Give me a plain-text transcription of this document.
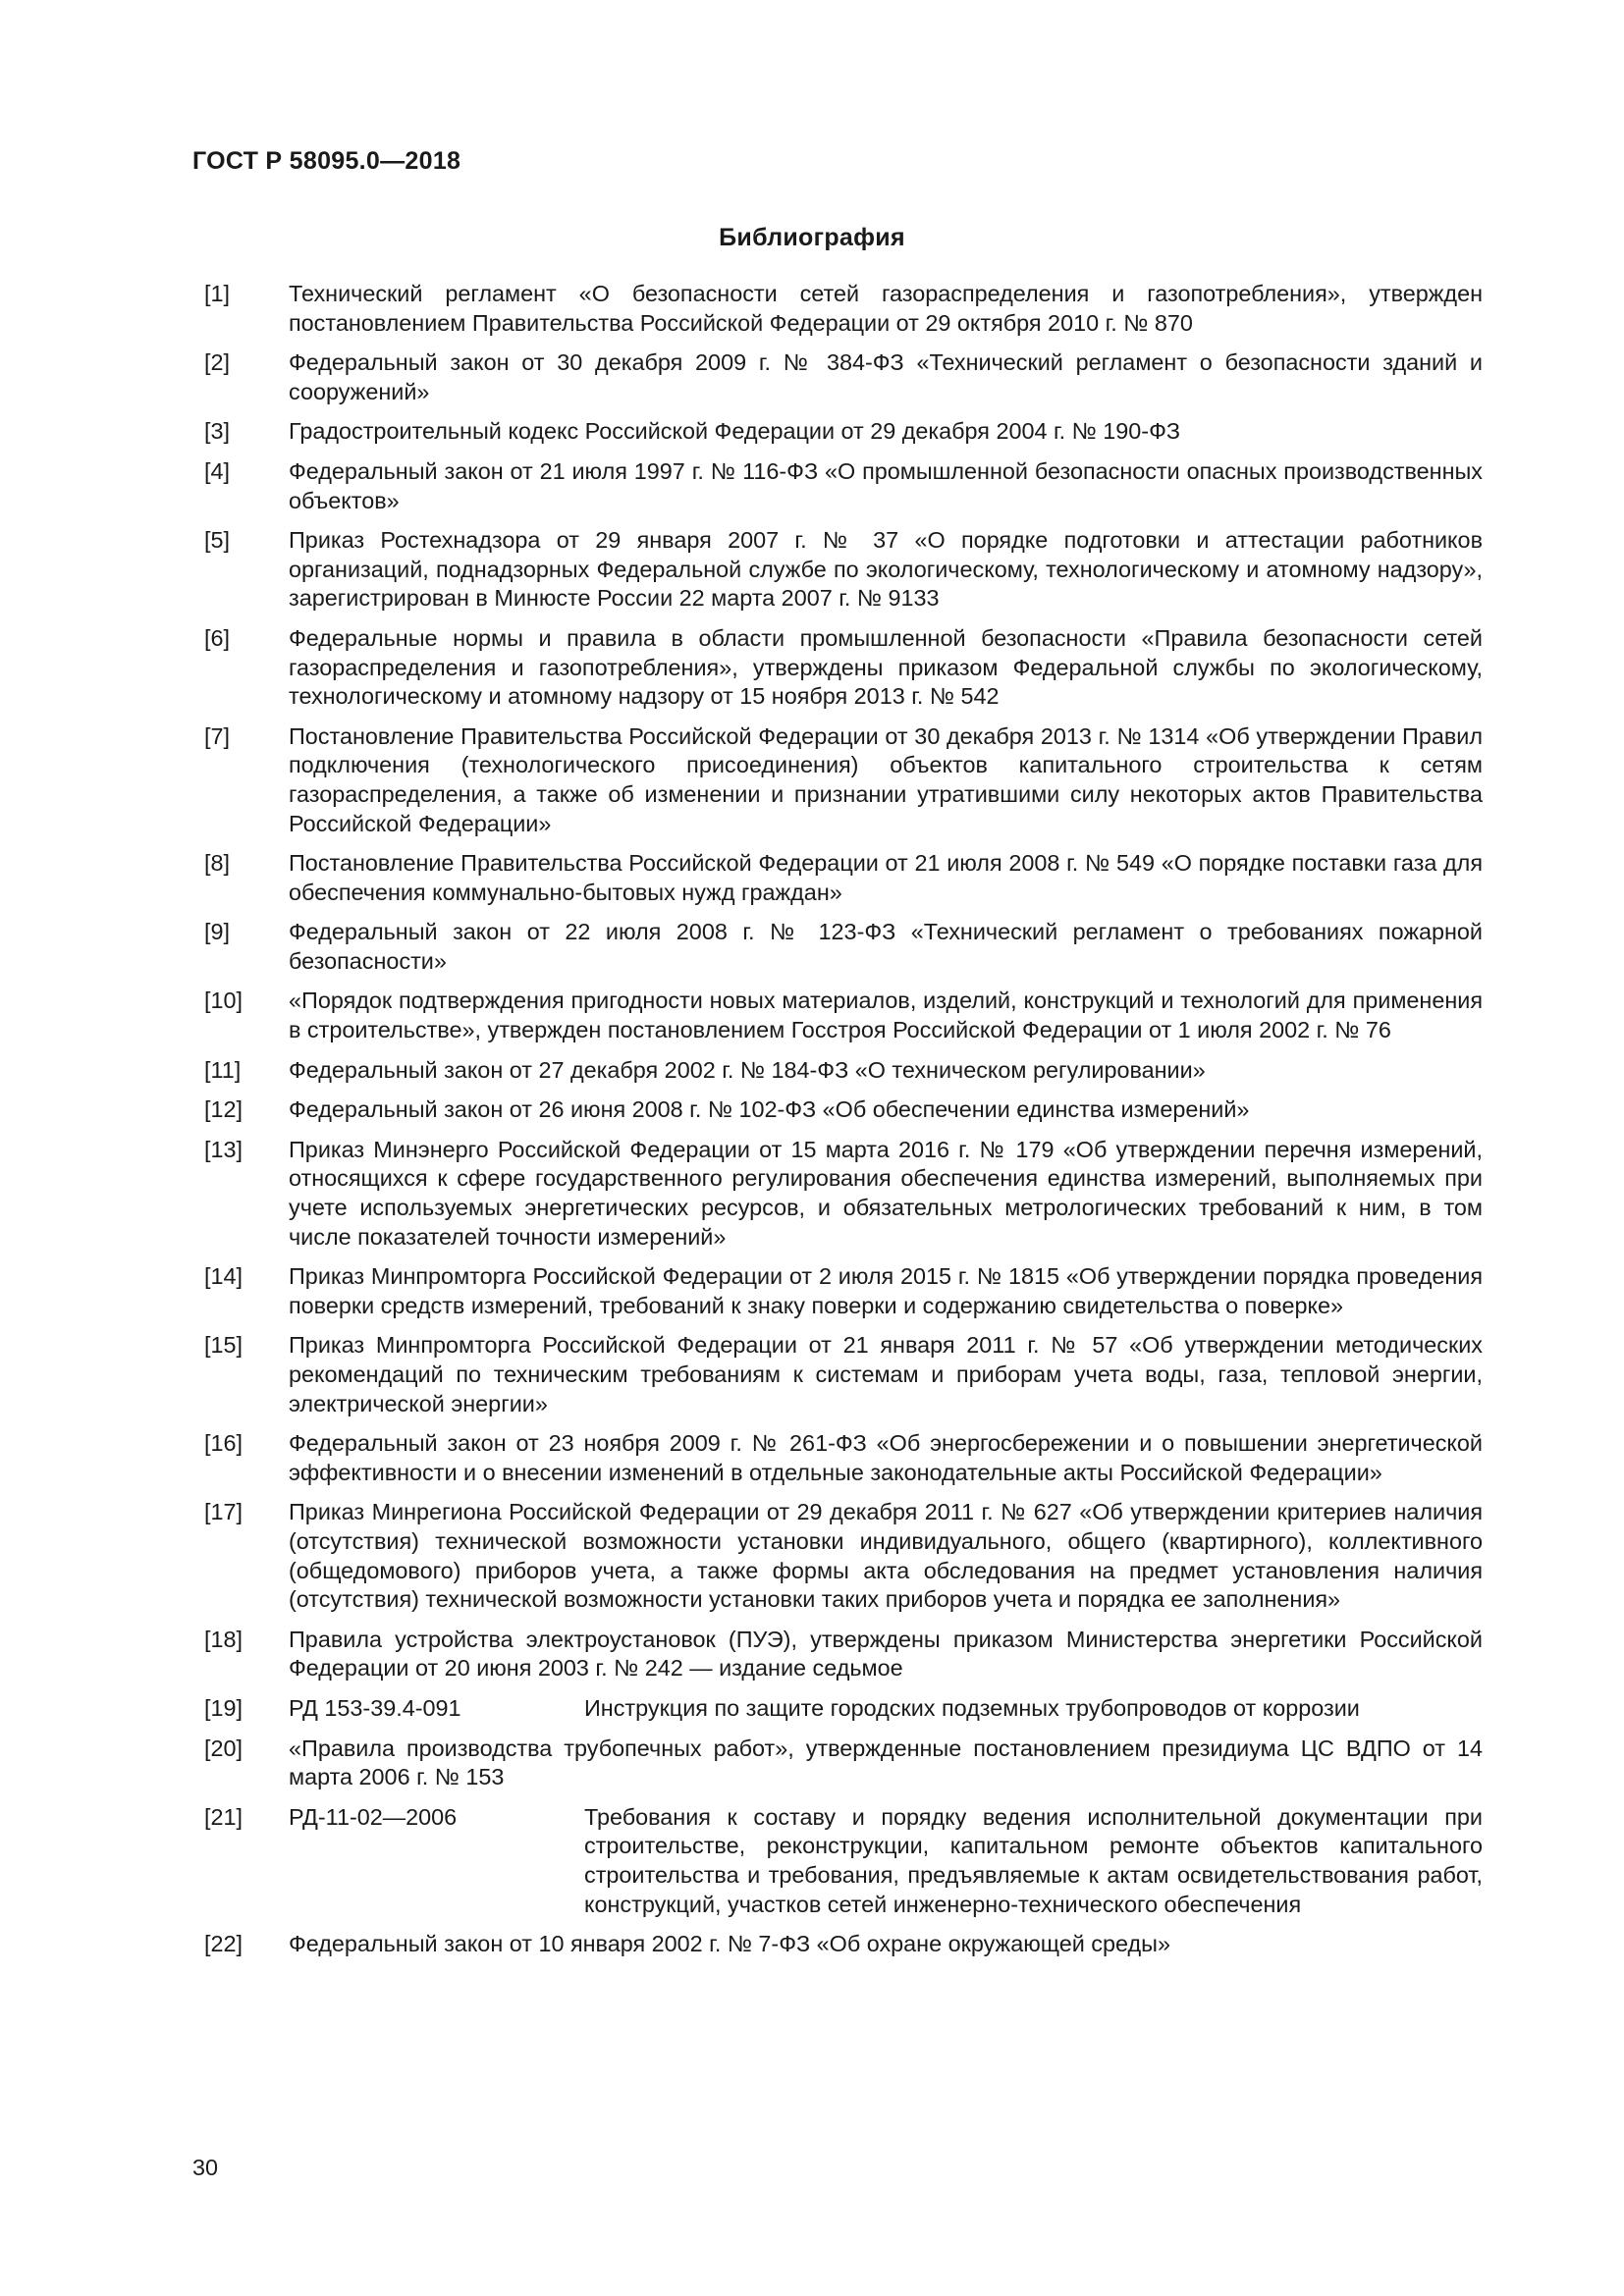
ГОСТ Р 58095.0—2018
Библиография
[1]	Технический регламент «О безопасности сетей газораспределения и газопотребления», утвержден постановлением Правительства Российской Федерации от 29 октября 2010 г. № 870
[2]	Федеральный закон от 30 декабря 2009 г. № 384-ФЗ «Технический регламент о безопасности зданий и сооружений»
[3]	Градостроительный кодекс Российской Федерации от 29 декабря 2004 г. № 190-ФЗ
[4]	Федеральный закон от 21 июля 1997 г. № 116-ФЗ «О промышленной безопасности опасных производственных объектов»
[5]	Приказ Ростехнадзора от 29 января 2007 г. № 37 «О порядке подготовки и аттестации работников организаций, поднадзорных Федеральной службе по экологическому, технологическому и атомному надзору», зарегистрирован в Минюсте России 22 марта 2007 г. № 9133
[6]	Федеральные нормы и правила в области промышленной безопасности «Правила безопасности сетей газораспределения и газопотребления», утверждены приказом Федеральной службы по экологическому, технологическому и атомному надзору от 15 ноября 2013 г. № 542
[7]	Постановление Правительства Российской Федерации от 30 декабря 2013 г. № 1314 «Об утверждении Правил подключения (технологического присоединения) объектов капитального строительства к сетям газораспределения, а также об изменении и признании утратившими силу некоторых актов Правительства Российской Федерации»
[8]	Постановление Правительства Российской Федерации от 21 июля 2008 г. № 549 «О порядке поставки газа для обеспечения коммунально-бытовых нужд граждан»
[9]	Федеральный закон от 22 июля 2008 г. № 123-ФЗ «Технический регламент о требованиях пожарной безопасности»
[10]	«Порядок подтверждения пригодности новых материалов, изделий, конструкций и технологий для применения в строительстве», утвержден постановлением Госстроя Российской Федерации от 1 июля 2002 г. № 76
[11]	Федеральный закон от 27 декабря 2002 г. № 184-ФЗ «О техническом регулировании»
[12]	Федеральный закон от 26 июня 2008 г. № 102-ФЗ «Об обеспечении единства измерений»
[13]	Приказ Минэнерго Российской Федерации от 15 марта 2016 г. № 179 «Об утверждении перечня измерений, относящихся к сфере государственного регулирования обеспечения единства измерений, выполняемых при учете используемых энергетических ресурсов, и обязательных метрологических требований к ним, в том числе показателей точности измерений»
[14]	Приказ Минпромторга Российской Федерации от 2 июля 2015 г. № 1815 «Об утверждении порядка проведения поверки средств измерений, требований к знаку поверки и содержанию свидетельства о поверке»
[15]	Приказ Минпромторга Российской Федерации от 21 января 2011 г. № 57 «Об утверждении методических рекомендаций по техническим требованиям к системам и приборам учета воды, газа, тепловой энергии, электрической энергии»
[16]	Федеральный закон от 23 ноября 2009 г. № 261-ФЗ «Об энергосбережении и о повышении энергетической эффективности и о внесении изменений в отдельные законодательные акты Российской Федерации»
[17]	Приказ Минрегиона Российской Федерации от 29 декабря 2011 г. № 627 «Об утверждении критериев наличия (отсутствия) технической возможности установки индивидуального, общего (квартирного), коллективного (общедомового) приборов учета, а также формы акта обследования на предмет установления наличия (отсутствия) технической возможности установки таких приборов учета и порядка ее заполнения»
[18]	Правила устройства электроустановок (ПУЭ), утверждены приказом Министерства энергетики Российской Федерации от 20 июня 2003 г. № 242 — издание седьмое
[19]	РД 153-39.4-091	Инструкция по защите городских подземных трубопроводов от коррозии
[20]	«Правила производства трубопечных работ», утвержденные постановлением президиума ЦС ВДПО от 14 марта 2006 г. № 153
[21]	РД-11-02—2006	Требования к составу и порядку ведения исполнительной документации при строительстве, реконструкции, капитальном ремонте объектов капитального строительства и требования, предъявляемые к актам освидетельствования работ, конструкций, участков сетей инженерно-технического обеспечения
[22]	Федеральный закон от 10 января 2002 г. № 7-ФЗ «Об охране окружающей среды»
30
